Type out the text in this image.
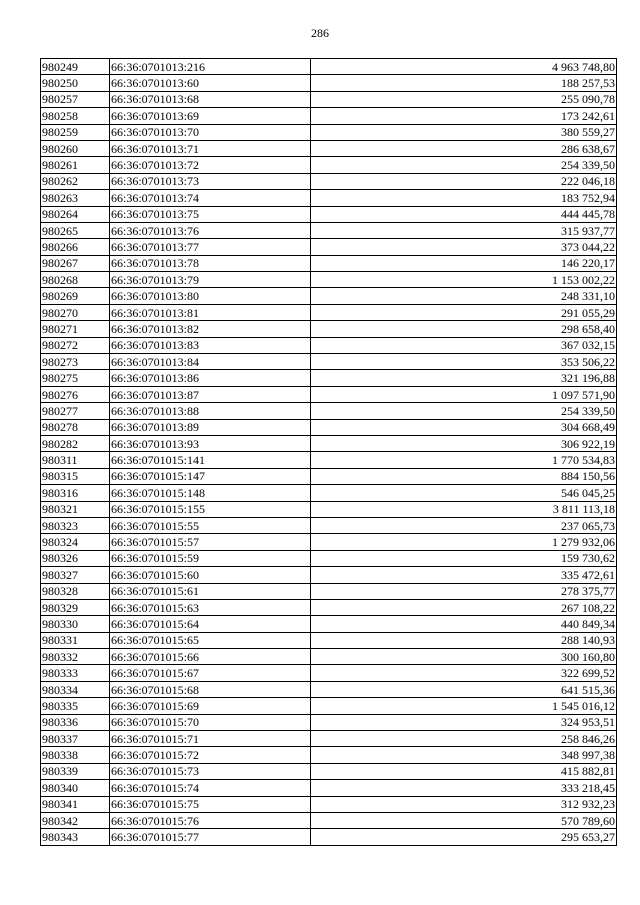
286
980249	66:36:0701013:216	4 963 748,80
980250	66:36:0701013:60	188 257,53
980257	66:36:0701013:68	255 090,78
980258	66:36:0701013:69	173 242,61
980259	66:36:0701013:70	380 559,27
980260	66:36:0701013:71	286 638,67
980261	66:36:0701013:72	254 339,50
980262	66:36:0701013:73	222 046,18
980263	66:36:0701013:74	183 752,94
980264	66:36:0701013:75	444 445,78
980265	66:36:0701013:76	315 937,77
980266	66:36:0701013:77	373 044,22
980267	66:36:0701013:78	146 220,17
980268	66:36:0701013:79	1 153 002,22
980269	66:36:0701013:80	248 331,10
980270	66:36:0701013:81	291 055,29
980271	66:36:0701013:82	298 658,40
980272	66:36:0701013:83	367 032,15
980273	66:36:0701013:84	353 506,22
980275	66:36:0701013:86	321 196,88
980276	66:36:0701013:87	1 097 571,90
980277	66:36:0701013:88	254 339,50
980278	66:36:0701013:89	304 668,49
980282	66:36:0701013:93	306 922,19
980311	66:36:0701015:141	1 770 534,83
980315	66:36:0701015:147	884 150,56
980316	66:36:0701015:148	546 045,25
980321	66:36:0701015:155	3 811 113,18
980323	66:36:0701015:55	237 065,73
980324	66:36:0701015:57	1 279 932,06
980326	66:36:0701015:59	159 730,62
980327	66:36:0701015:60	335 472,61
980328	66:36:0701015:61	278 375,77
980329	66:36:0701015:63	267 108,22
980330	66:36:0701015:64	440 849,34
980331	66:36:0701015:65	288 140,93
980332	66:36:0701015:66	300 160,80
980333	66:36:0701015:67	322 699,52
980334	66:36:0701015:68	641 515,36
980335	66:36:0701015:69	1 545 016,12
980336	66:36:0701015:70	324 953,51
980337	66:36:0701015:71	258 846,26
980338	66:36:0701015:72	348 997,38
980339	66:36:0701015:73	415 882,81
980340	66:36:0701015:74	333 218,45
980341	66:36:0701015:75	312 932,23
980342	66:36:0701015:76	570 789,60
980343	66:36:0701015:77	295 653,27
